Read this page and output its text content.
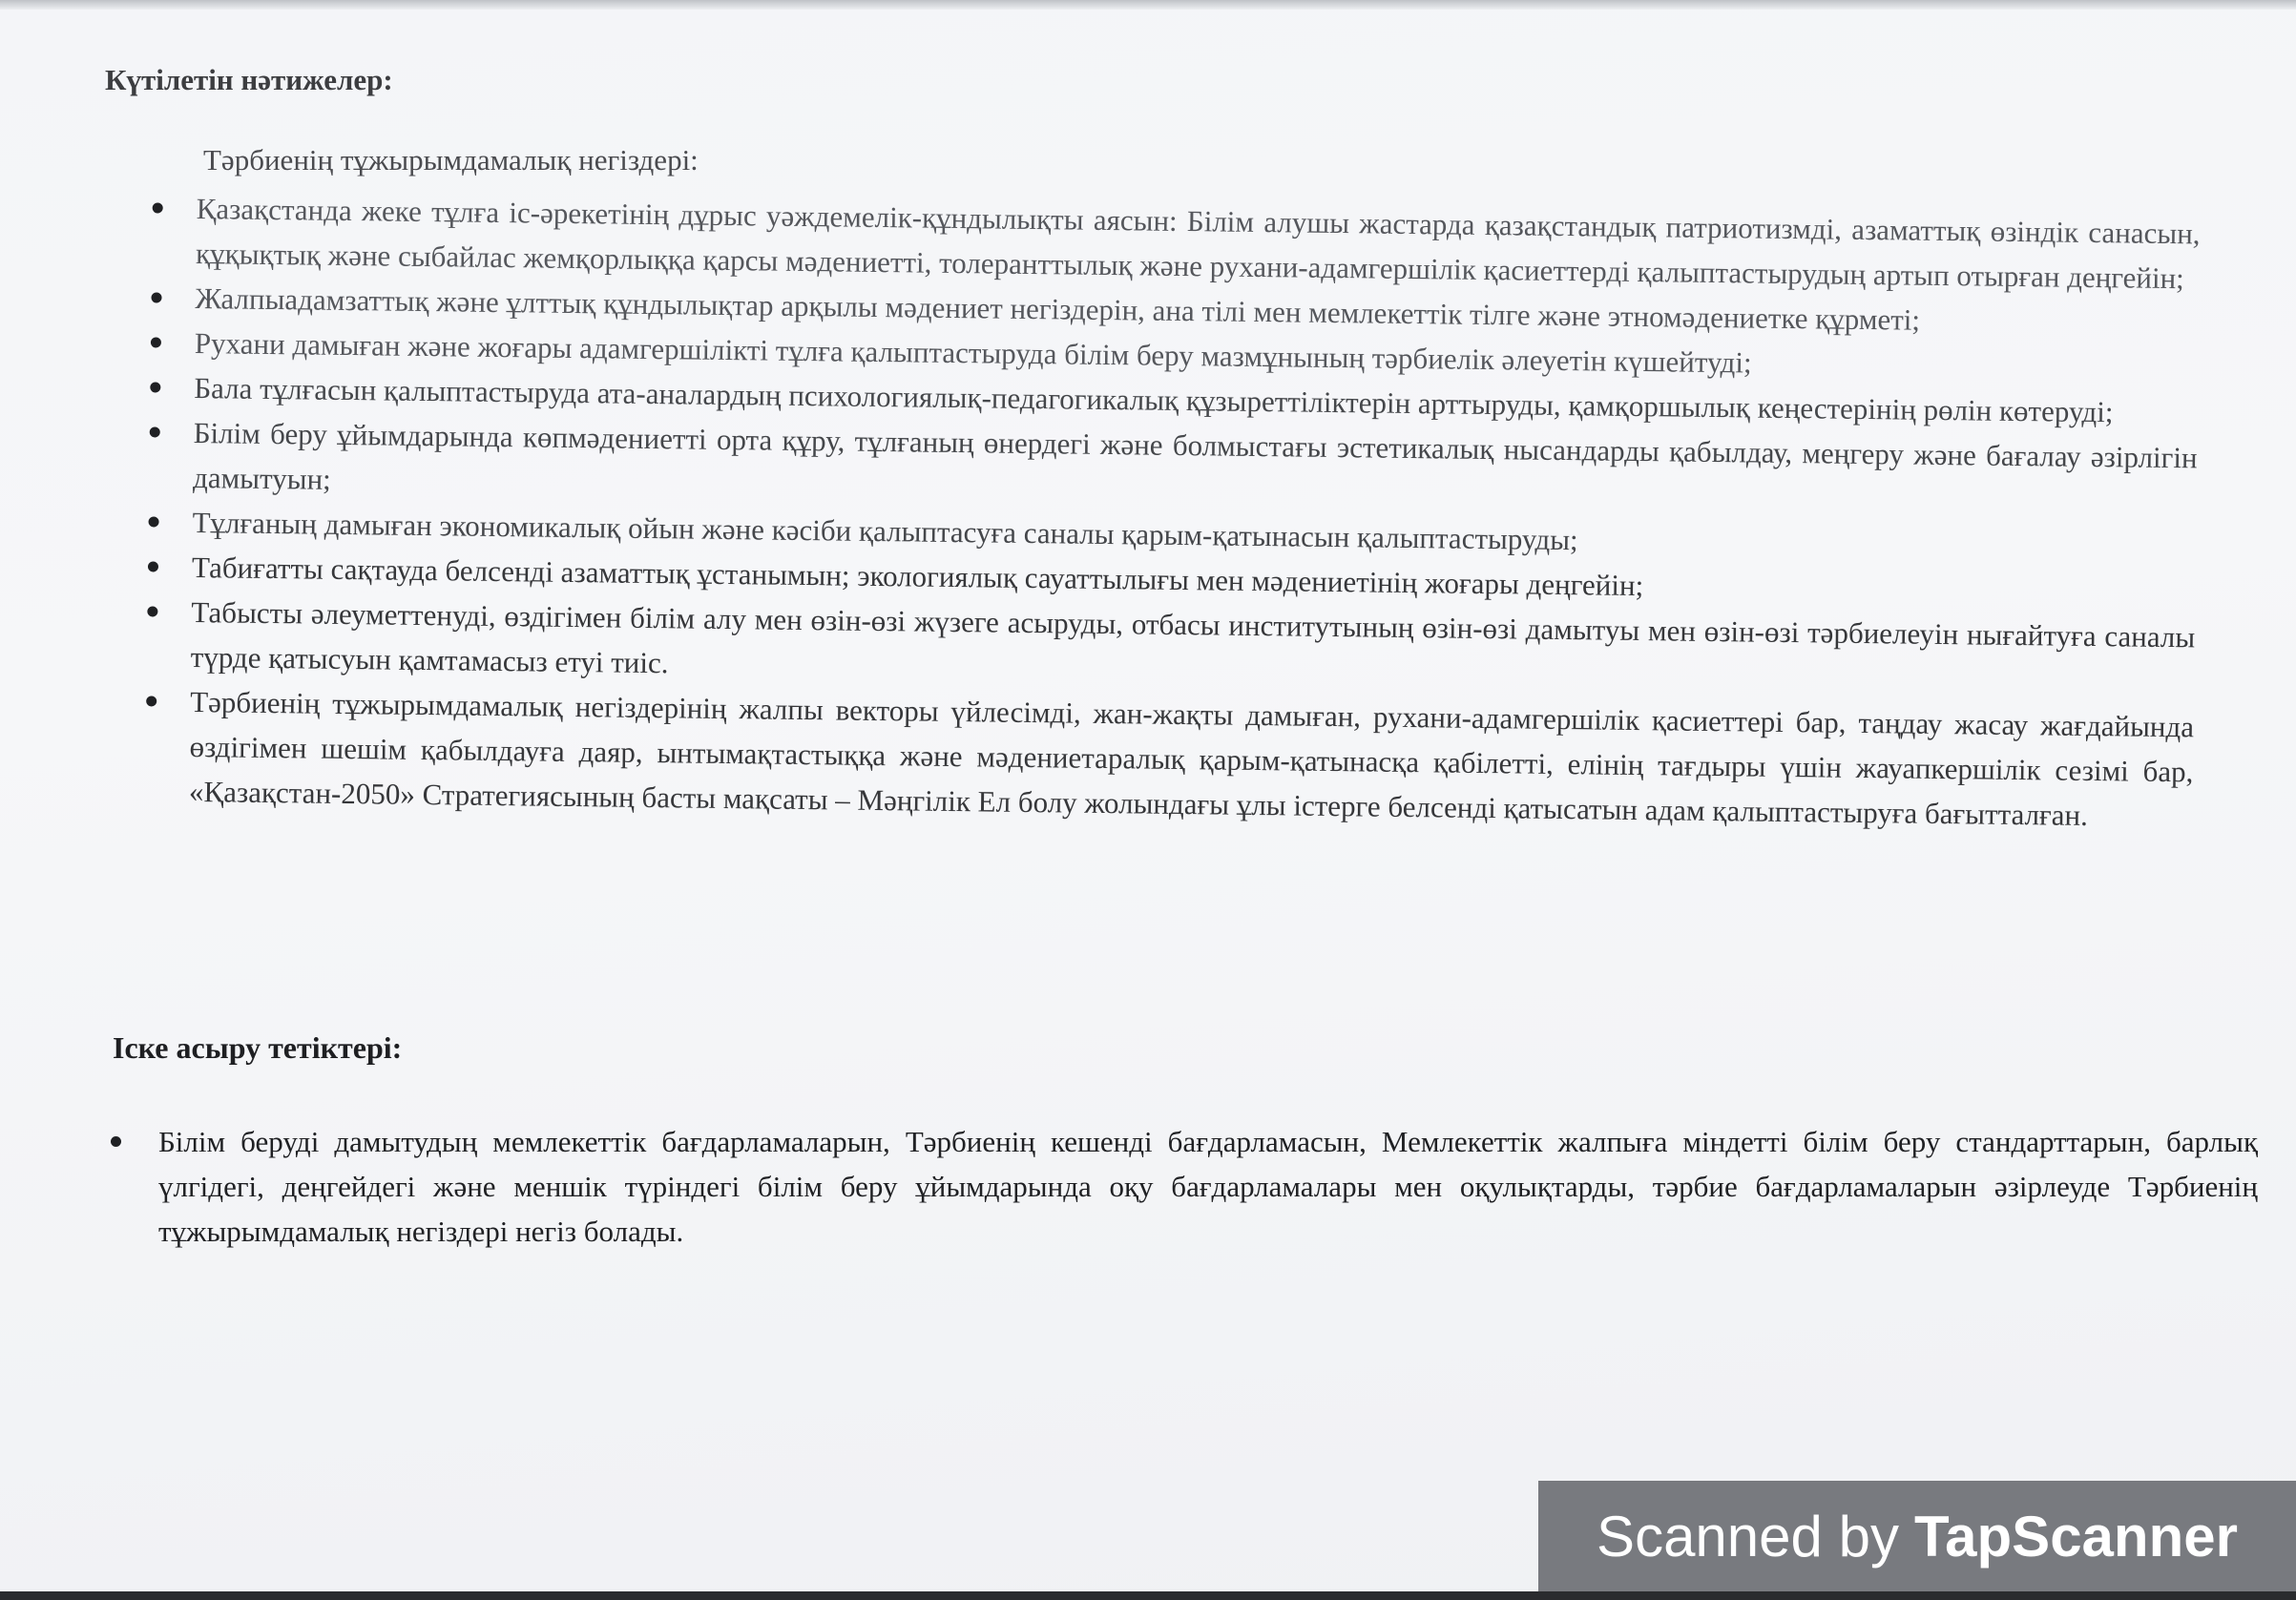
Күтілетін нәтижелер:
Тәрбиенің тұжырымдамалық негіздері:
Қазақстанда жеке тұлға іс-әрекетінің дұрыс уәждемелік-құндылықты аясын: Білім алушы жастарда қазақстандық патриотизмді, азаматтық өзіндік санасын, құқықтық және сыбайлас жемқорлыққа қарсы мәдениетті, толеранттылық және рухани-адамгершілік қасиеттерді қалыптастырудың артып отырған деңгейін;
Жалпыадамзаттық және ұлттық құндылықтар арқылы мәдениет негіздерін, ана тілі мен мемлекеттік тілге және этномәдениетке құрметі;
Рухани дамыған және жоғары адамгершілікті тұлға қалыптастыруда білім беру мазмұнының тәрбиелік әлеуетін күшейтуді;
Бала тұлғасын қалыптастыруда ата-аналардың психологиялық-педагогикалық құзыреттіліктерін арттыруды, қамқоршылық кеңестерінің рөлін көтеруді;
Білім беру ұйымдарында көпмәдениетті орта құру, тұлғаның өнердегі және болмыстағы эстетикалық нысандарды қабылдау, меңгеру және бағалау әзірлігін дамытуын;
Тұлғаның дамыған экономикалық ойын және кәсіби қалыптасуға саналы қарым-қатынасын қалыптастыруды;
Табиғатты сақтауда белсенді азаматтық ұстанымын; экологиялық сауаттылығы мен мәдениетінің жоғары деңгейін;
Табысты әлеуметтенуді, өздігімен білім алу мен өзін-өзі жүзеге асыруды, отбасы институтының өзін-өзі дамытуы мен өзін-өзі тәрбиелеуін нығайтуға саналы түрде қатысуын қамтамасыз етуі тиіс.
Тәрбиенің тұжырымдамалық негіздерінің жалпы векторы үйлесімді, жан-жақты дамыған, рухани-адамгершілік қасиеттері бар, таңдау жасау жағдайында өздігімен шешім қабылдауға даяр, ынтымақтастыққа және мәдениетаралық қарым-қатынасқа қабілетті, елінің тағдыры үшін жауапкершілік сезімі бар, «Қазақстан-2050» Стратегиясының басты мақсаты – Мәңгілік Ел болу жолындағы ұлы істерге белсенді қатысатын адам қалыптастыруға бағытталған.
Іске асыру тетіктері:
Білім беруді дамытудың мемлекеттік бағдарламаларын, Тәрбиенің кешенді бағдарламасын, Мемлекеттік жалпыға міндетті білім беру стандарттарын, барлық үлгідегі, деңгейдегі және меншік түріндегі білім беру ұйымдарында оқу бағдарламалары мен оқулықтарды, тәрбие бағдарламаларын әзірлеуде Тәрбиенің тұжырымдамалық негіздері негіз болады.
Scanned by TapScanner
